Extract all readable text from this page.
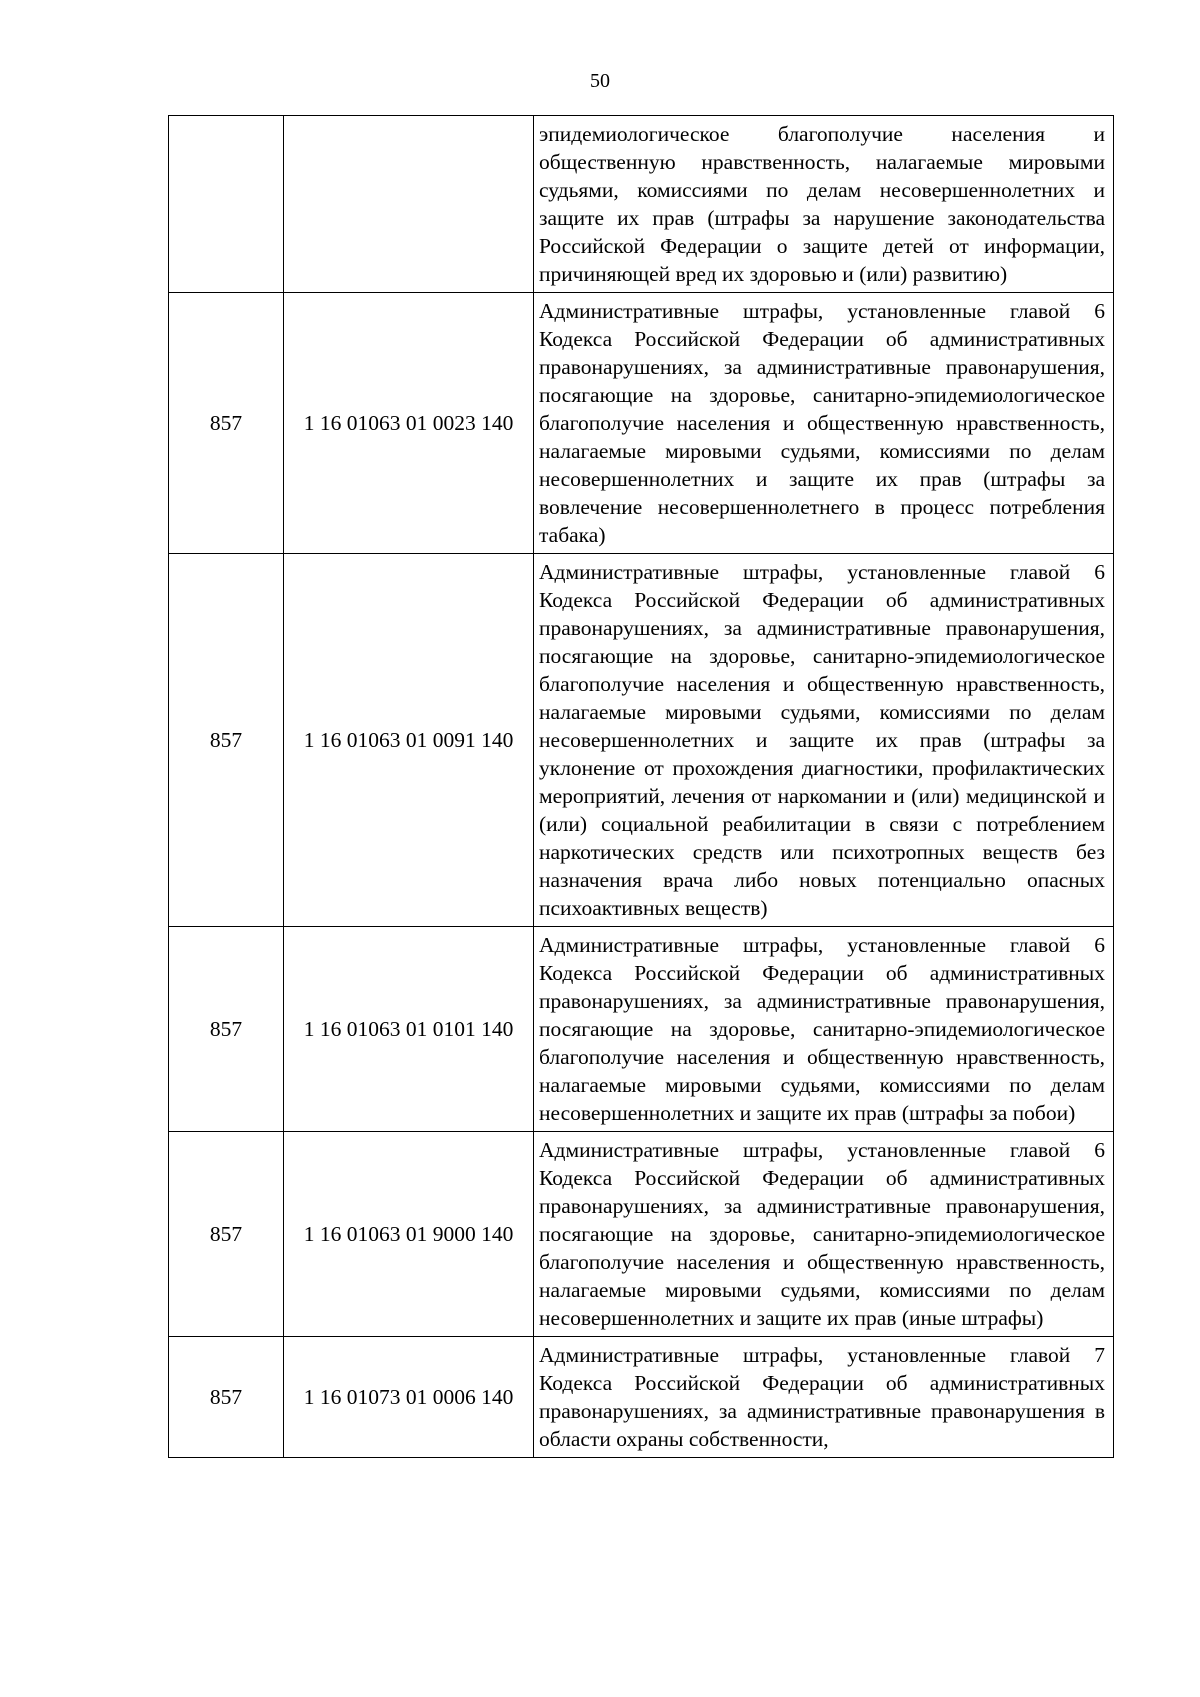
50
		эпидемиологическое благополучие населения и общественную нравственность, налагаемые мировыми судьями, комиссиями по делам несовершеннолетних и защите их прав (штрафы за нарушение законодательства Российской Федерации о защите детей от информации, причиняющей вред их здоровью и (или) развитию)
857	1 16 01063 01 0023 140	Административные штрафы, установленные главой 6 Кодекса Российской Федерации об административных правонарушениях, за административные правонарушения, посягающие на здоровье, санитарно-эпидемиологическое благополучие населения и общественную нравственность, налагаемые мировыми судьями, комиссиями по делам несовершеннолетних и защите их прав (штрафы за вовлечение несовершеннолетнего в процесс потребления табака)
857	1 16 01063 01 0091 140	Административные штрафы, установленные главой 6 Кодекса Российской Федерации об административных правонарушениях, за административные правонарушения, посягающие на здоровье, санитарно-эпидемиологическое благополучие населения и общественную нравственность, налагаемые мировыми судьями, комиссиями по делам несовершеннолетних и защите их прав (штрафы за уклонение от прохождения диагностики, профилактических мероприятий, лечения от наркомании и (или) медицинской и (или) социальной реабилитации в связи с потреблением наркотических средств или психотропных веществ без назначения врача либо новых потенциально опасных психоактивных веществ)
857	1 16 01063 01 0101 140	Административные штрафы, установленные главой 6 Кодекса Российской Федерации об административных правонарушениях, за административные правонарушения, посягающие на здоровье, санитарно-эпидемиологическое благополучие населения и общественную нравственность, налагаемые мировыми судьями, комиссиями по делам несовершеннолетних и защите их прав (штрафы за побои)
857	1 16 01063 01 9000 140	Административные штрафы, установленные главой 6 Кодекса Российской Федерации об административных правонарушениях, за административные правонарушения, посягающие на здоровье, санитарно-эпидемиологическое благополучие населения и общественную нравственность, налагаемые мировыми судьями, комиссиями по делам несовершеннолетних и защите их прав (иные штрафы)
857	1 16 01073 01 0006 140	Административные штрафы, установленные главой 7 Кодекса Российской Федерации об административных правонарушениях, за административные правонарушения в области охраны собственности,
